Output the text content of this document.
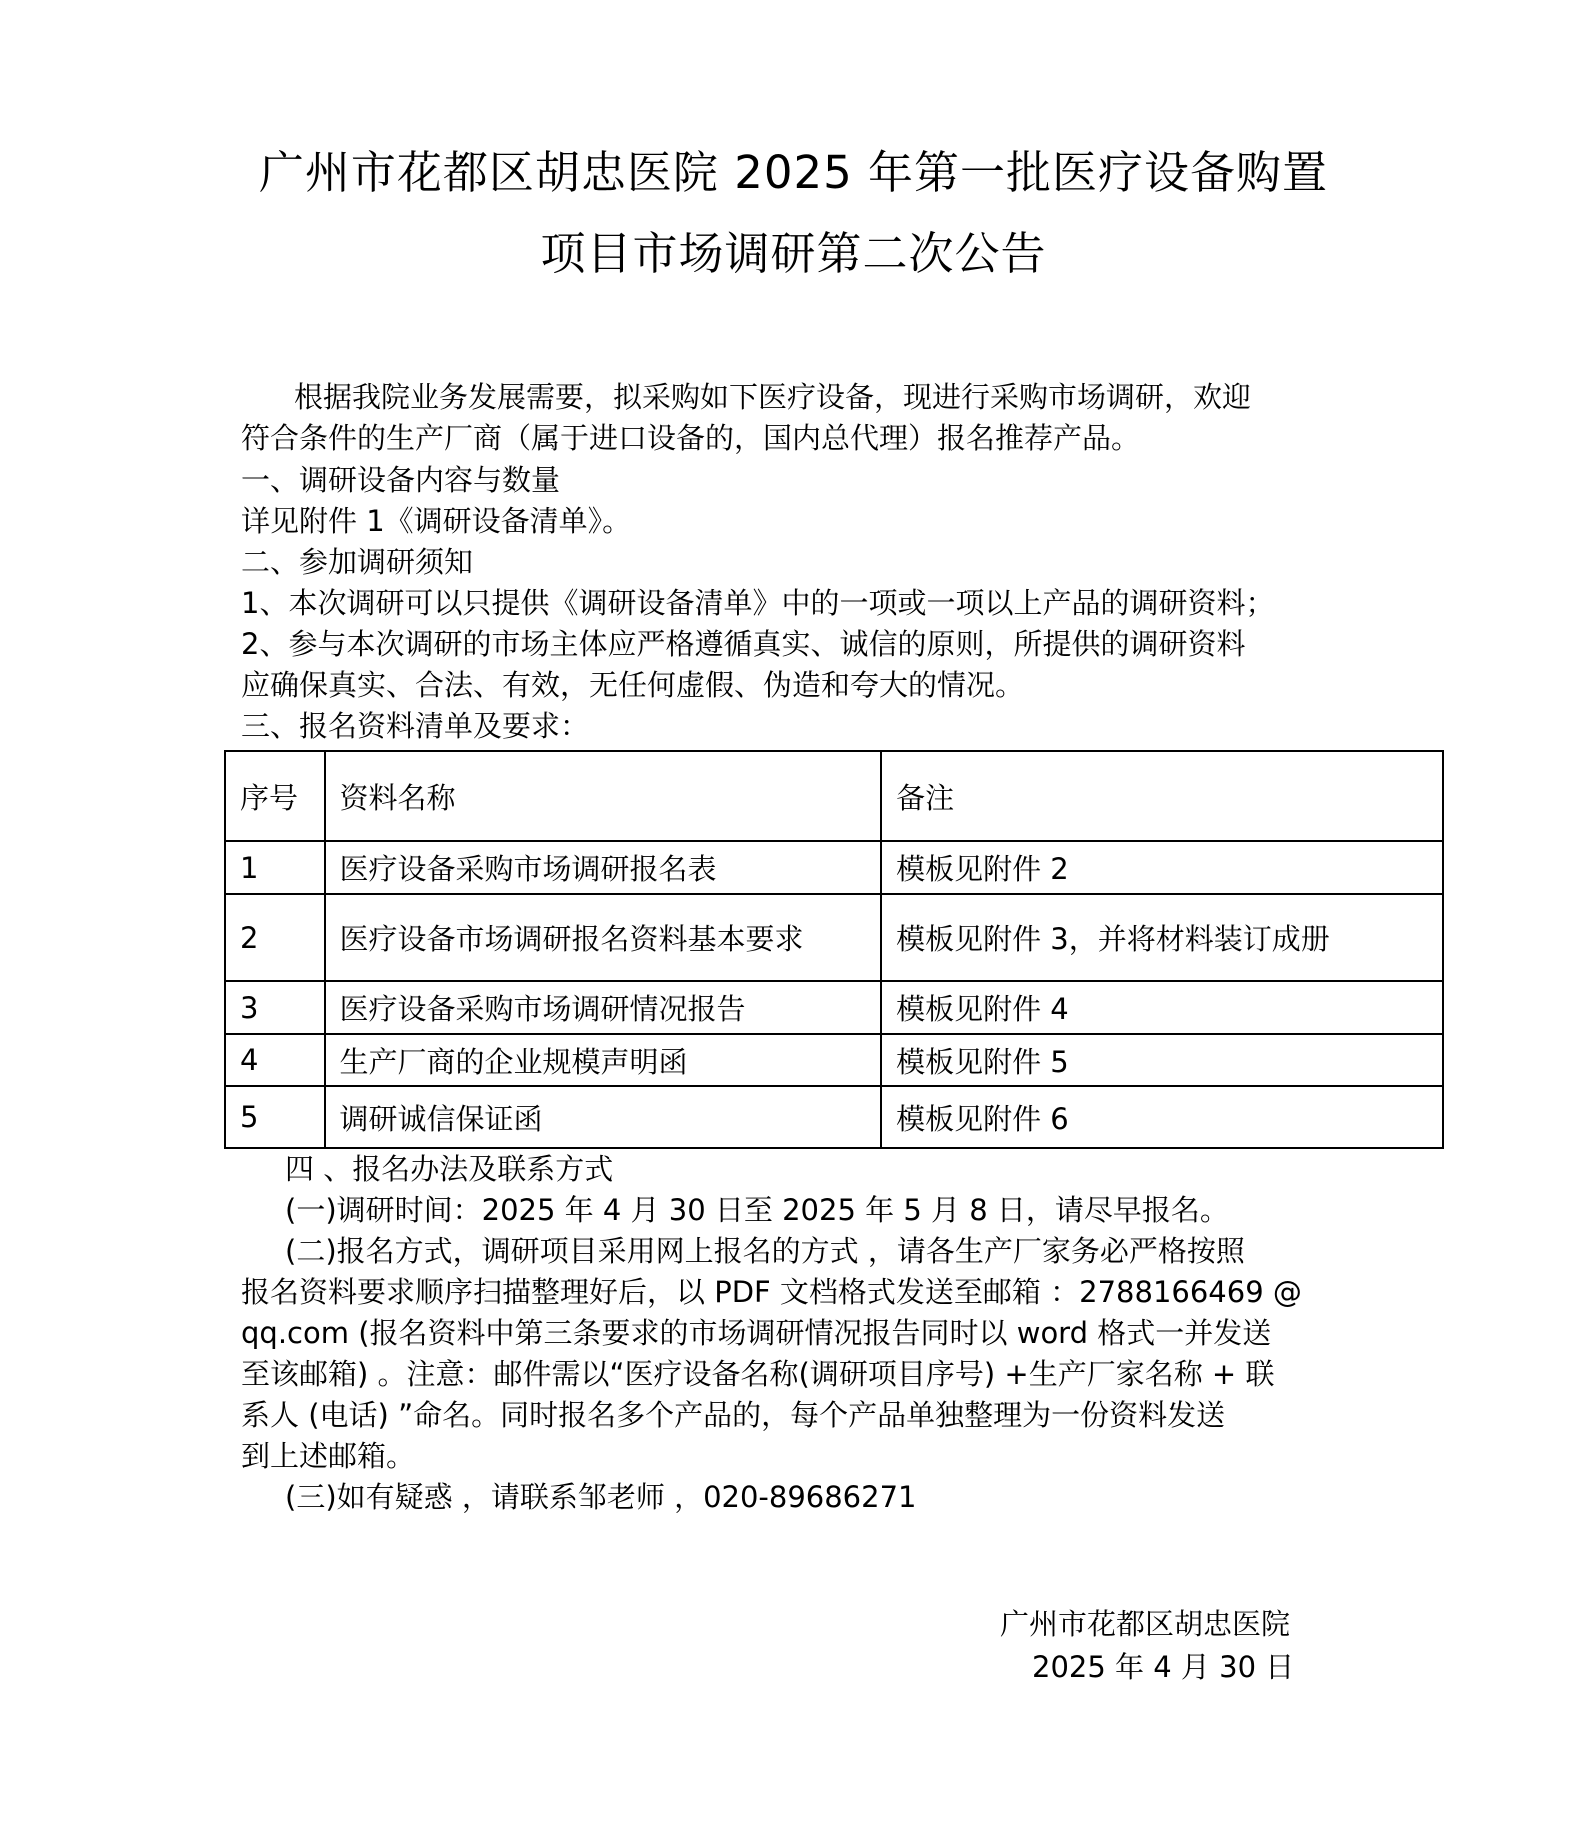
广州市花都区胡忠医院 2025 年第一批医疗设备购置
项目市场调研第二次公告
根据我院业务发展需要，拟采购如下医疗设备，现进行采购市场调研，欢迎
符合条件的生产厂商（属于进口设备的，国内总代理）报名推荐产品。
一、调研设备内容与数量
详见附件 1《调研设备清单》。
二、参加调研须知
1、本次调研可以只提供《调研设备清单》中的一项或一项以上产品的调研资料；
2、参与本次调研的市场主体应严格遵循真实、诚信的原则，所提供的调研资料
应确保真实、合法、有效，无任何虚假、伪造和夸大的情况。
三、报名资料清单及要求：
序号	资料名称	备注
1	医疗设备采购市场调研报名表	模板见附件 2
2	医疗设备市场调研报名资料基本要求	模板见附件 3，并将材料装订成册
3	医疗设备采购市场调研情况报告	模板见附件 4
4	生产厂商的企业规模声明函	模板见附件 5
5	调研诚信保证函	模板见附件 6
四 、报名办法及联系方式
(一)调研时间：2025 年 4 月 30 日至 2025 年 5 月 8 日，请尽早报名。
(二)报名方式，调研项目采用网上报名的方式 ，请各生产厂家务必严格按照
报名资料要求顺序扫描整理好后，以 PDF 文档格式发送至邮箱 ：2788166469 @
qq.com (报名资料中第三条要求的市场调研情况报告同时以 word 格式一并发送
至该邮箱) 。注意：邮件需以“医疗设备名称(调研项目序号) +生产厂家名称 + 联
系人 (电话) ”命名。同时报名多个产品的，每个产品单独整理为一份资料发送
到上述邮箱。
(三)如有疑惑 ，请联系邹老师 ，020-89686271
广州市花都区胡忠医院
2025 年 4 月 30 日
